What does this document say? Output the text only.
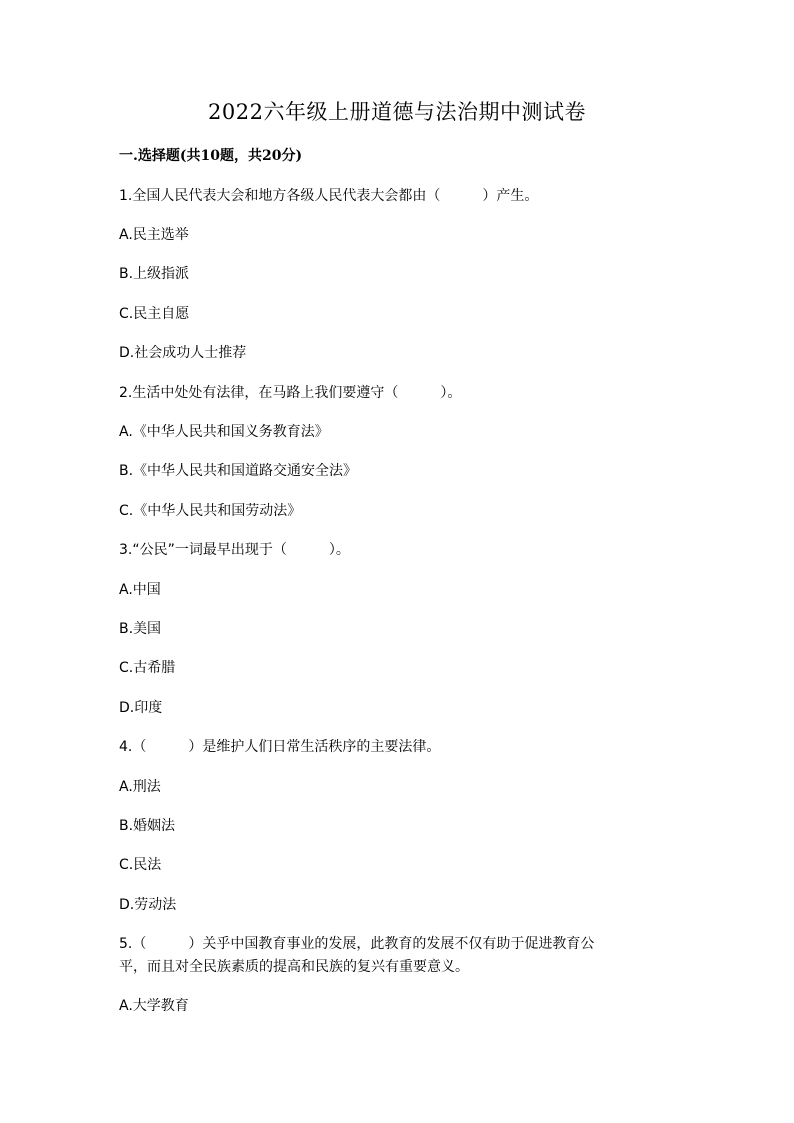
2022六年级上册道德与法治期中测试卷
一.选择题(共10题，共20分)
1.全国人民代表大会和地方各级人民代表大会都由（　　　）产生。
A.民主选举
B.上级指派
C.民主自愿
D.社会成功人士推荐
2.生活中处处有法律，在马路上我们要遵守（　　　）。
A.《中华人民共和国义务教育法》
B.《中华人民共和国道路交通安全法》
C.《中华人民共和国劳动法》
3.“公民”一词最早出现于（　　　）。
A.中国
B.美国
C.古希腊
D.印度
4.（　　　）是维护人们日常生活秩序的主要法律。
A.刑法
B.婚姻法
C.民法
D.劳动法
5.（　　　）关乎中国教育事业的发展，此教育的发展不仅有助于促进教育公
平，而且对全民族素质的提高和民族的复兴有重要意义。
A.大学教育
